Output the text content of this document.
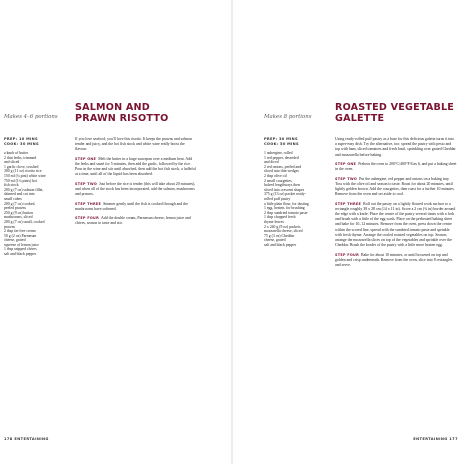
Makes 4–6 portions
SALMON AND
PRAWN RISOTTO
PREP: 10 MINS
COOK: 30 MINS
a knob of butter
2 thin leeks, trimmed
and sliced
1 garlic clove, crushed
300 g (11 oz) risotto rice
150 ml (¼ pint) white wine
750 ml (1¼ pints) hot
fish stock
200 g (7 oz) salmon fillet,
skinned and cut into
small cubes
200 g (7 oz) cooked,
peeled prawns
250 g (9 oz) button
mushrooms, sliced
200 g (7 oz) small, cooked
prawns
2 tbsp fat-free cream
50 g (2 oz) Parmesan
cheese, grated
squeeze of lemon juice
1 tbsp snipped chives
salt and black pepper

If you love seafood, you'll love this risotto. It keeps the prawns and salmon tender and juicy, and the hot fish stock and white wine really boost the flavour.

STEP ONE Melt the butter in a large saucepan over a medium heat. Add the leeks and sauté for 5 minutes, then add the garlic, followed by the rice. Pour in the wine and stir until absorbed, then add the hot fish stock, a ladleful at a time, until all of the liquid has been absorbed.

STEP TWO Just before the rice is tender (this will take about 20 minutes), and when all of the stock has been incorporated, add the salmon, mushrooms and prawns.

STEP THREE Simmer gently until the fish is cooked through and the mushrooms have softened.

STEP FOUR Add the double cream, Parmesan cheese, lemon juice and chives, season to taste and stir.

178 ENTERTAINING
Makes 8 portions
ROASTED VEGETABLE
GALETTE
PREP: 30 MINS
COOK: 50 MINS
1 aubergine, rolled
1 red pepper, deseeded
and diced
2 red onions, peeled and
sliced into thin wedges
2 tbsp olive oil
2 small courgettes,
halved lengthways then
sliced into crescent shapes
375 g (13 oz) packet ready-
rolled puff pastry
a little plain flour, for dusting
1 egg, beaten, for brushing
2 tbsp sundried tomato paste
1 tbsp chopped fresh
thyme leaves
2 x 240 g (9 oz) packets
mozzarella cheese, sliced
75 g (3 oz) Cheddar
cheese, grated
salt and black pepper

Using ready-rolled puff pastry as a base for this delicious galette turns it into a super-easy dish. Try the alternative, too: spread the pastry with pesto and top with ham, sliced tomatoes and fresh basil, sprinkling over grated Cheddar and mozzarella before baking.

STEP ONE Preheat the oven to 200°C/400°F/Gas 6, and put a baking sheet in the oven.

STEP TWO Put the aubergine, red pepper and onions on a baking tray. Toss with the olive oil and season to taste. Roast for about 20 minutes, until lightly golden brown. Add the courgettes, then roast for a further 10 minutes. Remove from the oven and set aside to cool.

STEP THREE Roll out the pastry on a lightly floured work surface to a rectangle roughly 38 x 28 cm (14 x 11 in). Score a 2 cm (¾ in) border around the edge with a knife. Place the centre of the pastry several times with a fork and brush with a little of the egg wash. Place on the preheated baking sheet and bake for 10–12 minutes. Remove from the oven, press down the centre within the scored line, spread with the sundried tomato paste and sprinkle with fresh thyme. Arrange the cooled roasted vegetables on top. Season, arrange the mozzarella slices on top of the vegetables and sprinkle over the Cheddar. Brush the border of the pastry with a little more beaten egg.

STEP FOUR Bake for about 10 minutes, or until browned on top and golden and crisp underneath. Remove from the oven, slice into 8 rectangles and serve.

ENTERTAINING 177
